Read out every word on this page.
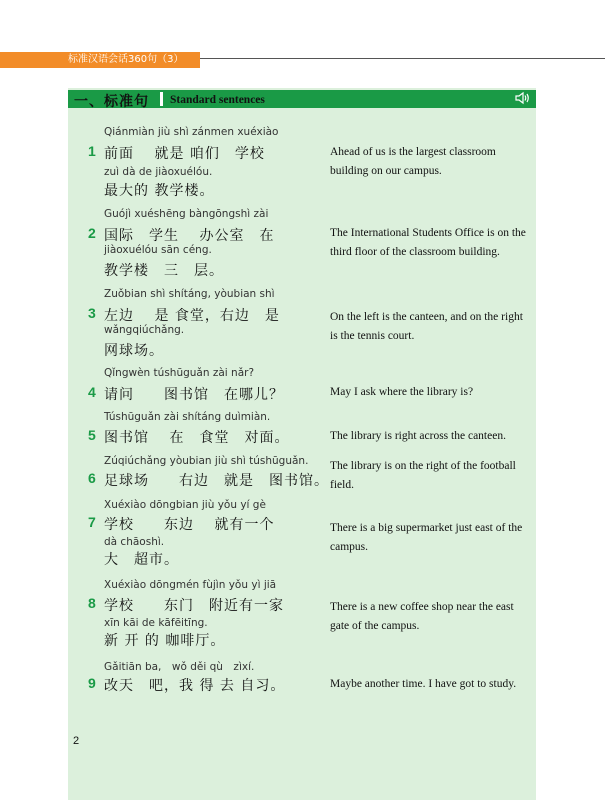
标准汉语会话360句（3）
一、标准句 Standard sentences
Qiánmiàn jiù shì zánmen xuéxiào
1 前面　 就是 咱们　学校
zuì dà de jiàoxuélóu.
最大的 教学楼。
Ahead of us is the largest classroom building on our campus.
Guójì xuéshēng bàngōngshì zài
2 国际　学生　 办公室　在
jiàoxuélóu sān céng.
教学楼　三　层。
The International Students Office is on the third floor of the classroom building.
Zuǒbian shì shítáng, yòubian shì
3 左边　 是 食堂，右边　是
wǎngqiúchǎng.
网球场。
On the left is the canteen, and on the right is the tennis court.
Qǐngwèn túshūguǎn zài nǎr?
4 请问　　图书馆　在哪儿？	May I ask where the library is?
Túshūguǎn zài shítáng duìmiàn.
5 图书馆　 在　食堂　对面。	The library is right across the canteen.
Zúqiúchǎng yòubian jiù shì túshūguǎn.
6 足球场　　右边　就是　图书馆。
The library is on the right of the football field.
Xuéxiào dōngbian jiù yǒu yí gè
7 学校　　东边　 就有一个
dà chāoshì.
大　超市。
There is a big supermarket just east of the campus.
Xuéxiào dōngmén fùjìn yǒu yì jiā
8 学校　　东门　附近有一家
xīn kāi de kāfēitīng.
新 开 的 咖啡厅。
There is a new coffee shop near the east gate of the campus.
Gǎitiān ba,　wǒ děi qù　zìxí.
9 改天　吧，我 得 去 自习。	Maybe another time. I have got to study.
2
